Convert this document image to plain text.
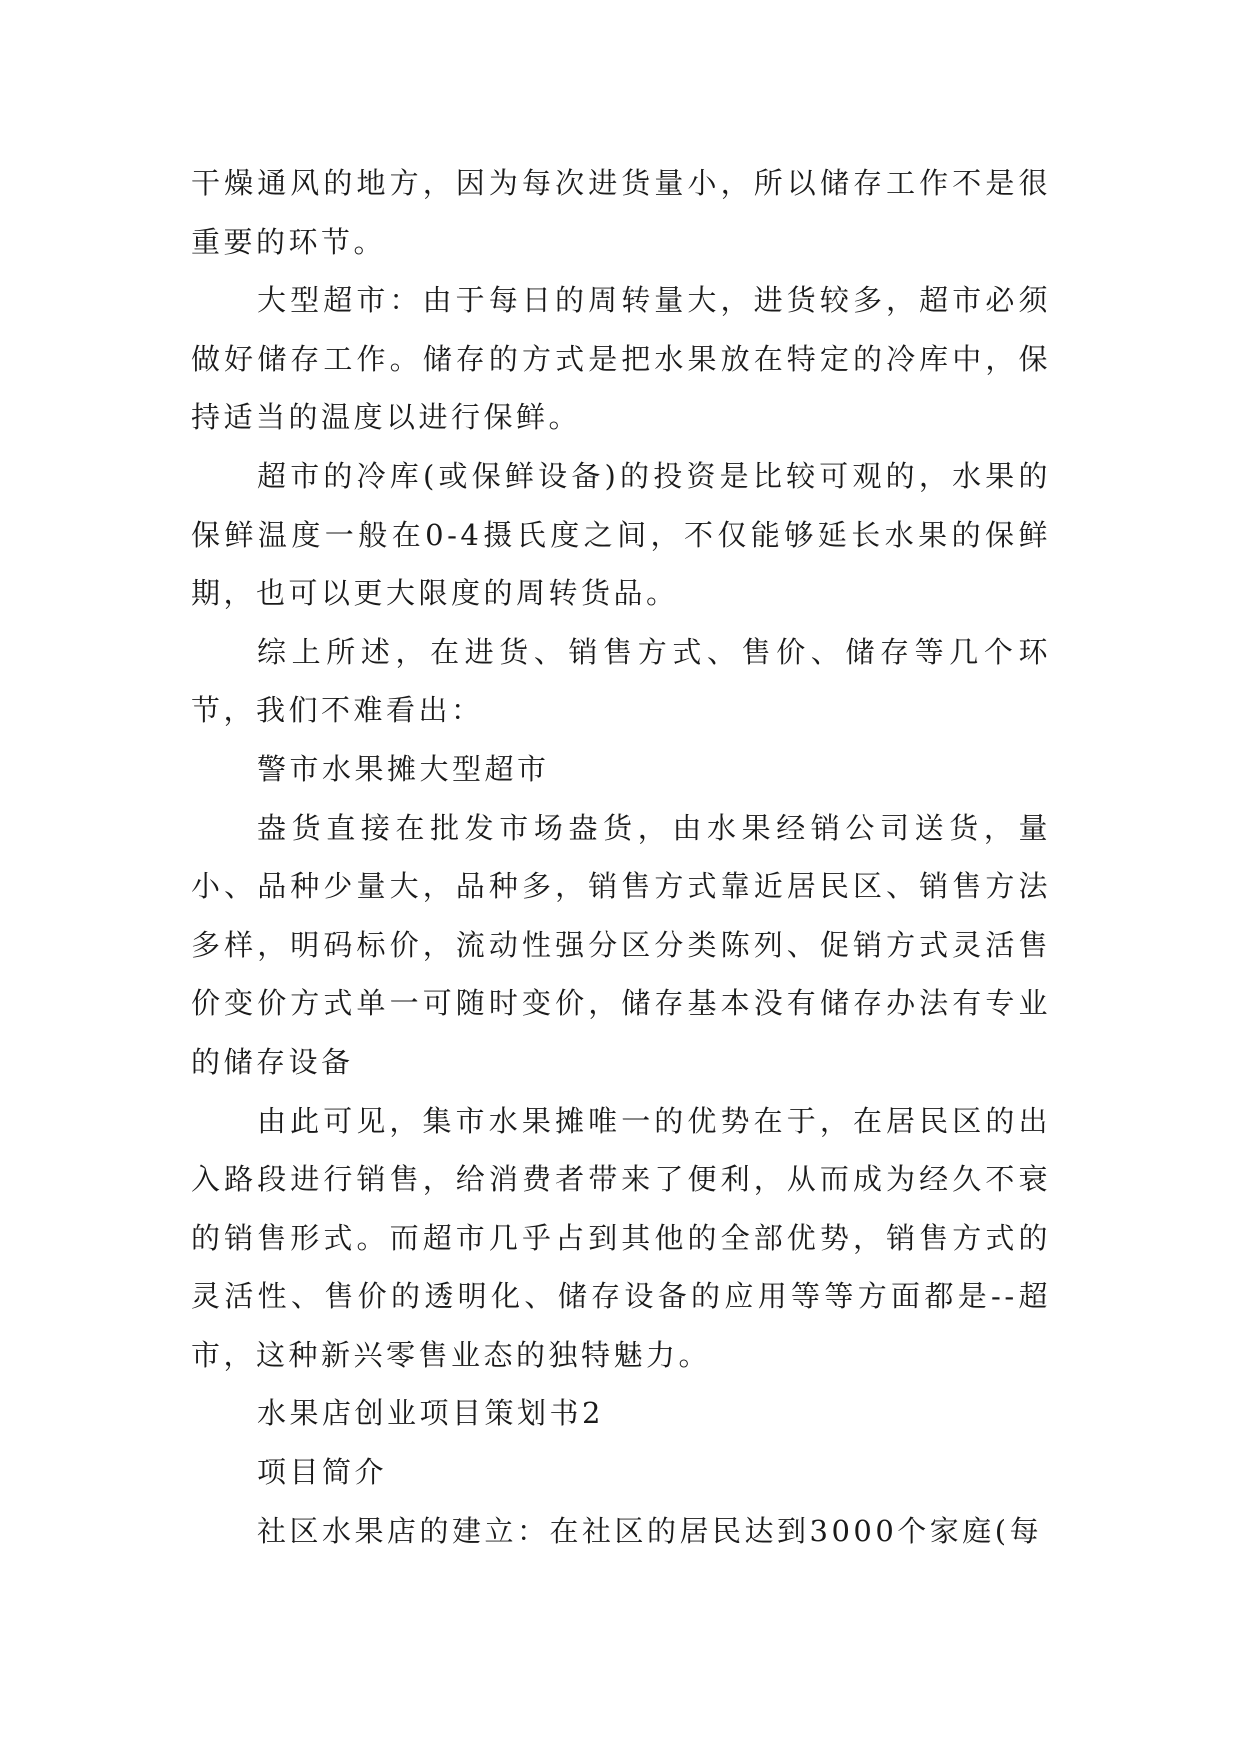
干燥通风的地方，因为每次进货量小，所以储存工作不是很重要的环节。

大型超市：由于每日的周转量大，进货较多，超市必须做好储存工作。储存的方式是把水果放在特定的冷库中，保持适当的温度以进行保鲜。

超市的冷库(或保鲜设备)的投资是比较可观的，水果的保鲜温度一般在0-4摄氏度之间，不仅能够延长水果的保鲜期，也可以更大限度的周转货品。

综上所述，在进货、销售方式、售价、储存等几个环节，我们不难看出：

警市水果摊大型超市

盎货直接在批发市场盎货，由水果经销公司送货，量小、品种少量大，品种多，销售方式靠近居民区、销售方法多样，明码标价，流动性强分区分类陈列、促销方式灵活售价变价方式单一可随时变价，储存基本没有储存办法有专业的储存设备

由此可见，集市水果摊唯一的优势在于，在居民区的出入路段进行销售，给消费者带来了便利，从而成为经久不衰的销售形式。而超市几乎占到其他的全部优势，销售方式的灵活性、售价的透明化、储存设备的应用等等方面都是--超市，这种新兴零售业态的独特魅力。

水果店创业项目策划书2

项目简介

社区水果店的建立：在社区的居民达到3000个家庭(每
